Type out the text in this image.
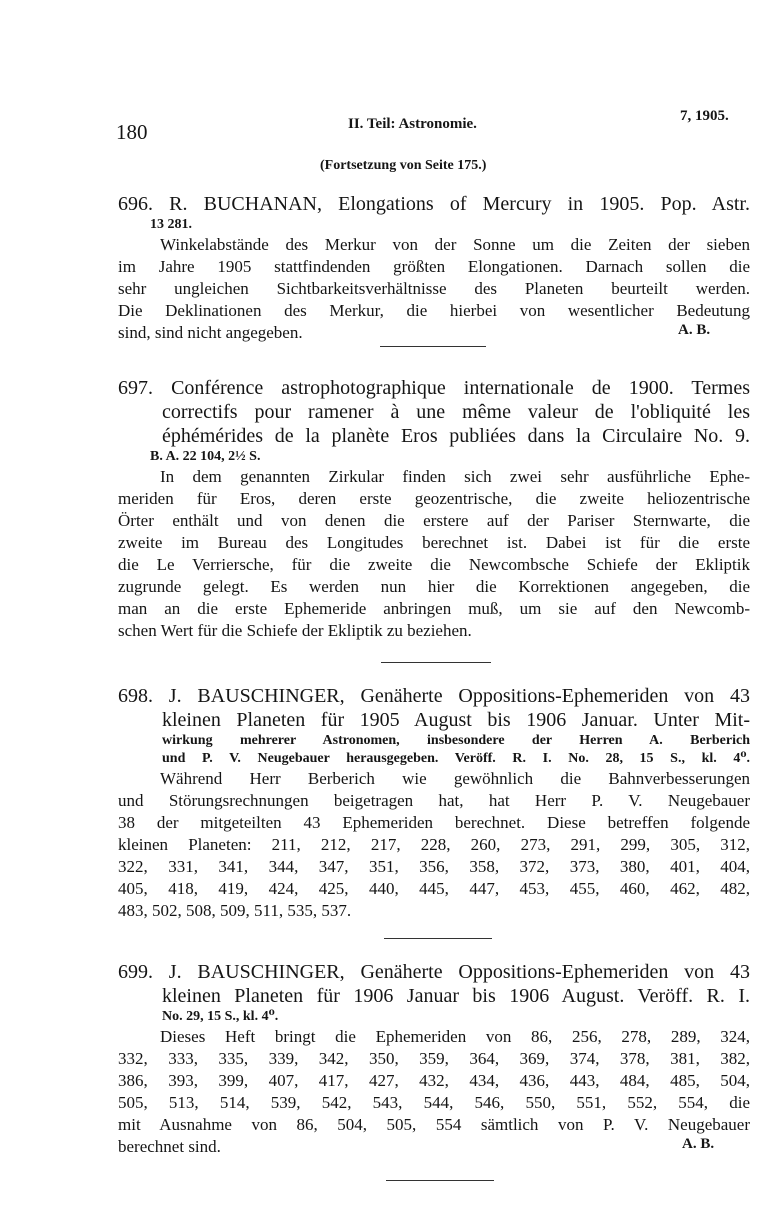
180	II. Teil: Astronomie.	7, 1905.
(Fortsetzung von Seite 175.)
696. R. BUCHANAN, Elongations of Mercury in 1905. Pop. Astr.
13 281.
Winkelabstände des Merkur von der Sonne um die Zeiten der sieben
im Jahre 1905 stattfindenden größten Elongationen. Darnach sollen die
sehr ungleichen Sichtbarkeitsverhältnisse des Planeten beurteilt werden.
Die Deklinationen des Merkur, die hierbei von wesentlicher Bedeutung
sind, sind nicht angegeben.	A. B.
697. Conférence astrophotographique internationale de 1900. Termes
correctifs pour ramener à une même valeur de l'obliquité les
éphémérides de la planète Eros publiées dans la Circulaire No. 9.
B. A. 22 104, 2½ S.
In dem genannten Zirkular finden sich zwei sehr ausführliche Ephe-
meriden für Eros, deren erste geozentrische, die zweite heliozentrische
Örter enthält und von denen die erstere auf der Pariser Sternwarte, die
zweite im Bureau des Longitudes berechnet ist. Dabei ist für die erste
die Le Verriersche, für die zweite die Newcombsche Schiefe der Ekliptik
zugrunde gelegt. Es werden nun hier die Korrektionen angegeben, die
man an die erste Ephemeride anbringen muß, um sie auf den Newcomb-
schen Wert für die Schiefe der Ekliptik zu beziehen.
698. J. BAUSCHINGER, Genäherte Oppositions-Ephemeriden von 43
kleinen Planeten für 1905 August bis 1906 Januar. Unter Mit-
wirkung mehrerer Astronomen, insbesondere der Herren A. Berberich
und P. V. Neugebauer herausgegeben. Veröff. R. I. No. 28, 15 S., kl. 4⁰.
Während Herr Berberich wie gewöhnlich die Bahnverbesserungen
und Störungsrechnungen beigetragen hat, hat Herr P. V. Neugebauer
38 der mitgeteilten 43 Ephemeriden berechnet. Diese betreffen folgende
kleinen Planeten: 211, 212, 217, 228, 260, 273, 291, 299, 305, 312,
322, 331, 341, 344, 347, 351, 356, 358, 372, 373, 380, 401, 404,
405, 418, 419, 424, 425, 440, 445, 447, 453, 455, 460, 462, 482,
483, 502, 508, 509, 511, 535, 537.
699. J. BAUSCHINGER, Genäherte Oppositions-Ephemeriden von 43
kleinen Planeten für 1906 Januar bis 1906 August. Veröff. R. I.
No. 29, 15 S., kl. 4⁰.
Dieses Heft bringt die Ephemeriden von 86, 256, 278, 289, 324,
332, 333, 335, 339, 342, 350, 359, 364, 369, 374, 378, 381, 382,
386, 393, 399, 407, 417, 427, 432, 434, 436, 443, 484, 485, 504,
505, 513, 514, 539, 542, 543, 544, 546, 550, 551, 552, 554, die
mit Ausnahme von 86, 504, 505, 554 sämtlich von P. V. Neugebauer
berechnet sind.	A. B.
